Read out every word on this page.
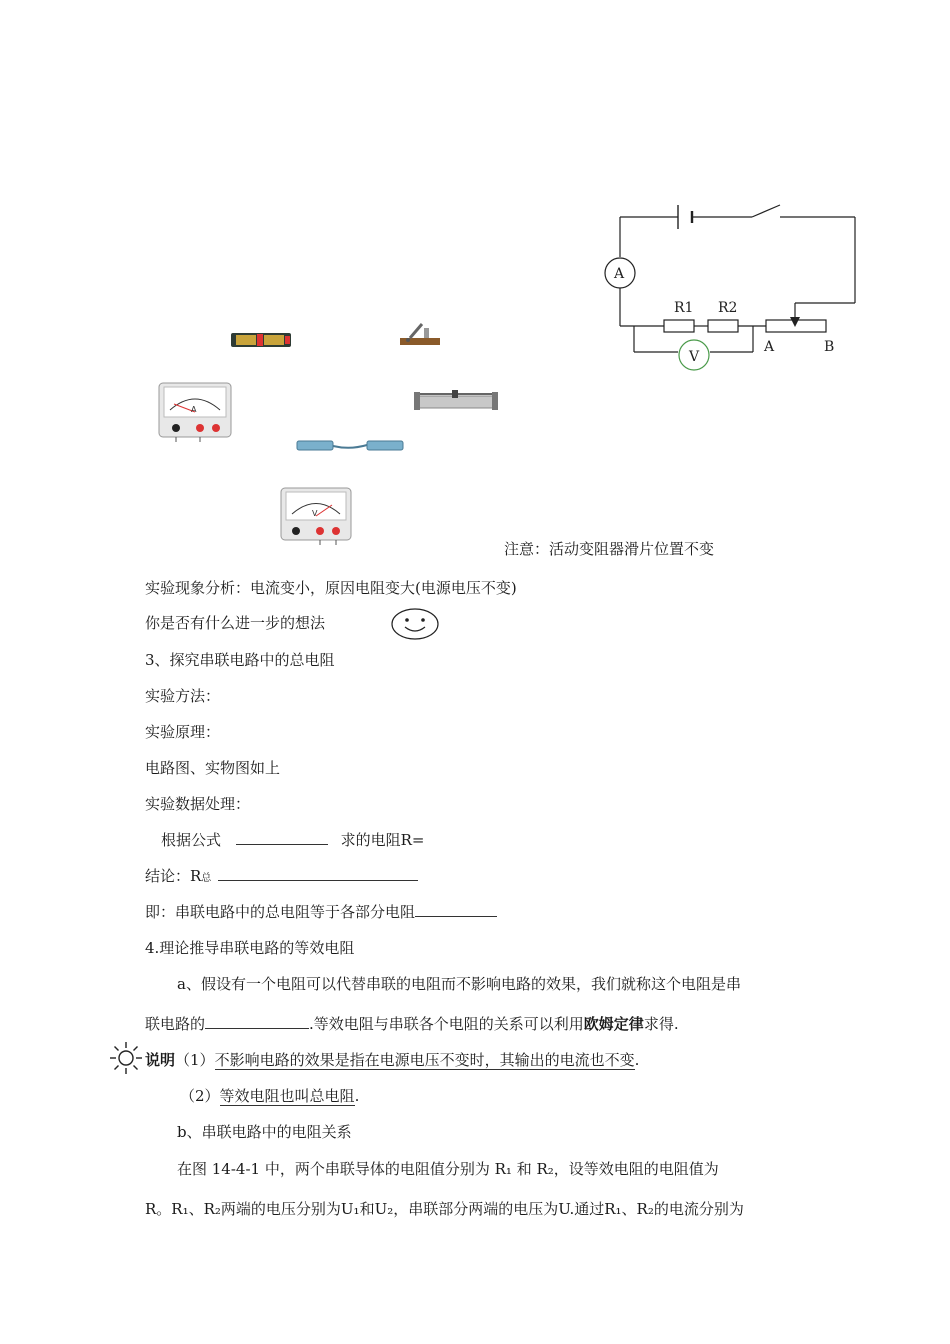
A
V
R1 R2
A	B
A
V
注意：活动变阻器滑片位置不变
实验现象分析：电流变小，原因电阻变大(电源电压不变)
你是否有什么进一步的想法
3、探究串联电路中的总电阻
实验方法：
实验原理：
电路图、实物图如上
实验数据处理：
根据公式	求的电阻R=
结论：R总
即：串联电路中的总电阻等于各部分电阻
4.理论推导串联电路的等效电阻
a、假设有一个电阻可以代替串联的电阻而不影响电路的效果，我们就称这个电阻是串
联电路的	.等效电阻与串联各个电阻的关系可以利用欧姆定律求得.
说明（1）不影响电路的效果是指在电源电压不变时，其输出的电流也不变.
（2）等效电阻也叫总电阻.
b、串联电路中的电阻关系
在图 14-4-1 中，两个串联导体的电阻值分别为 R₁ 和 R₂，设等效电阻的电阻值为
R。R₁、R₂两端的电压分别为U₁和U₂，串联部分两端的电压为U.通过R₁、R₂的电流分别为
